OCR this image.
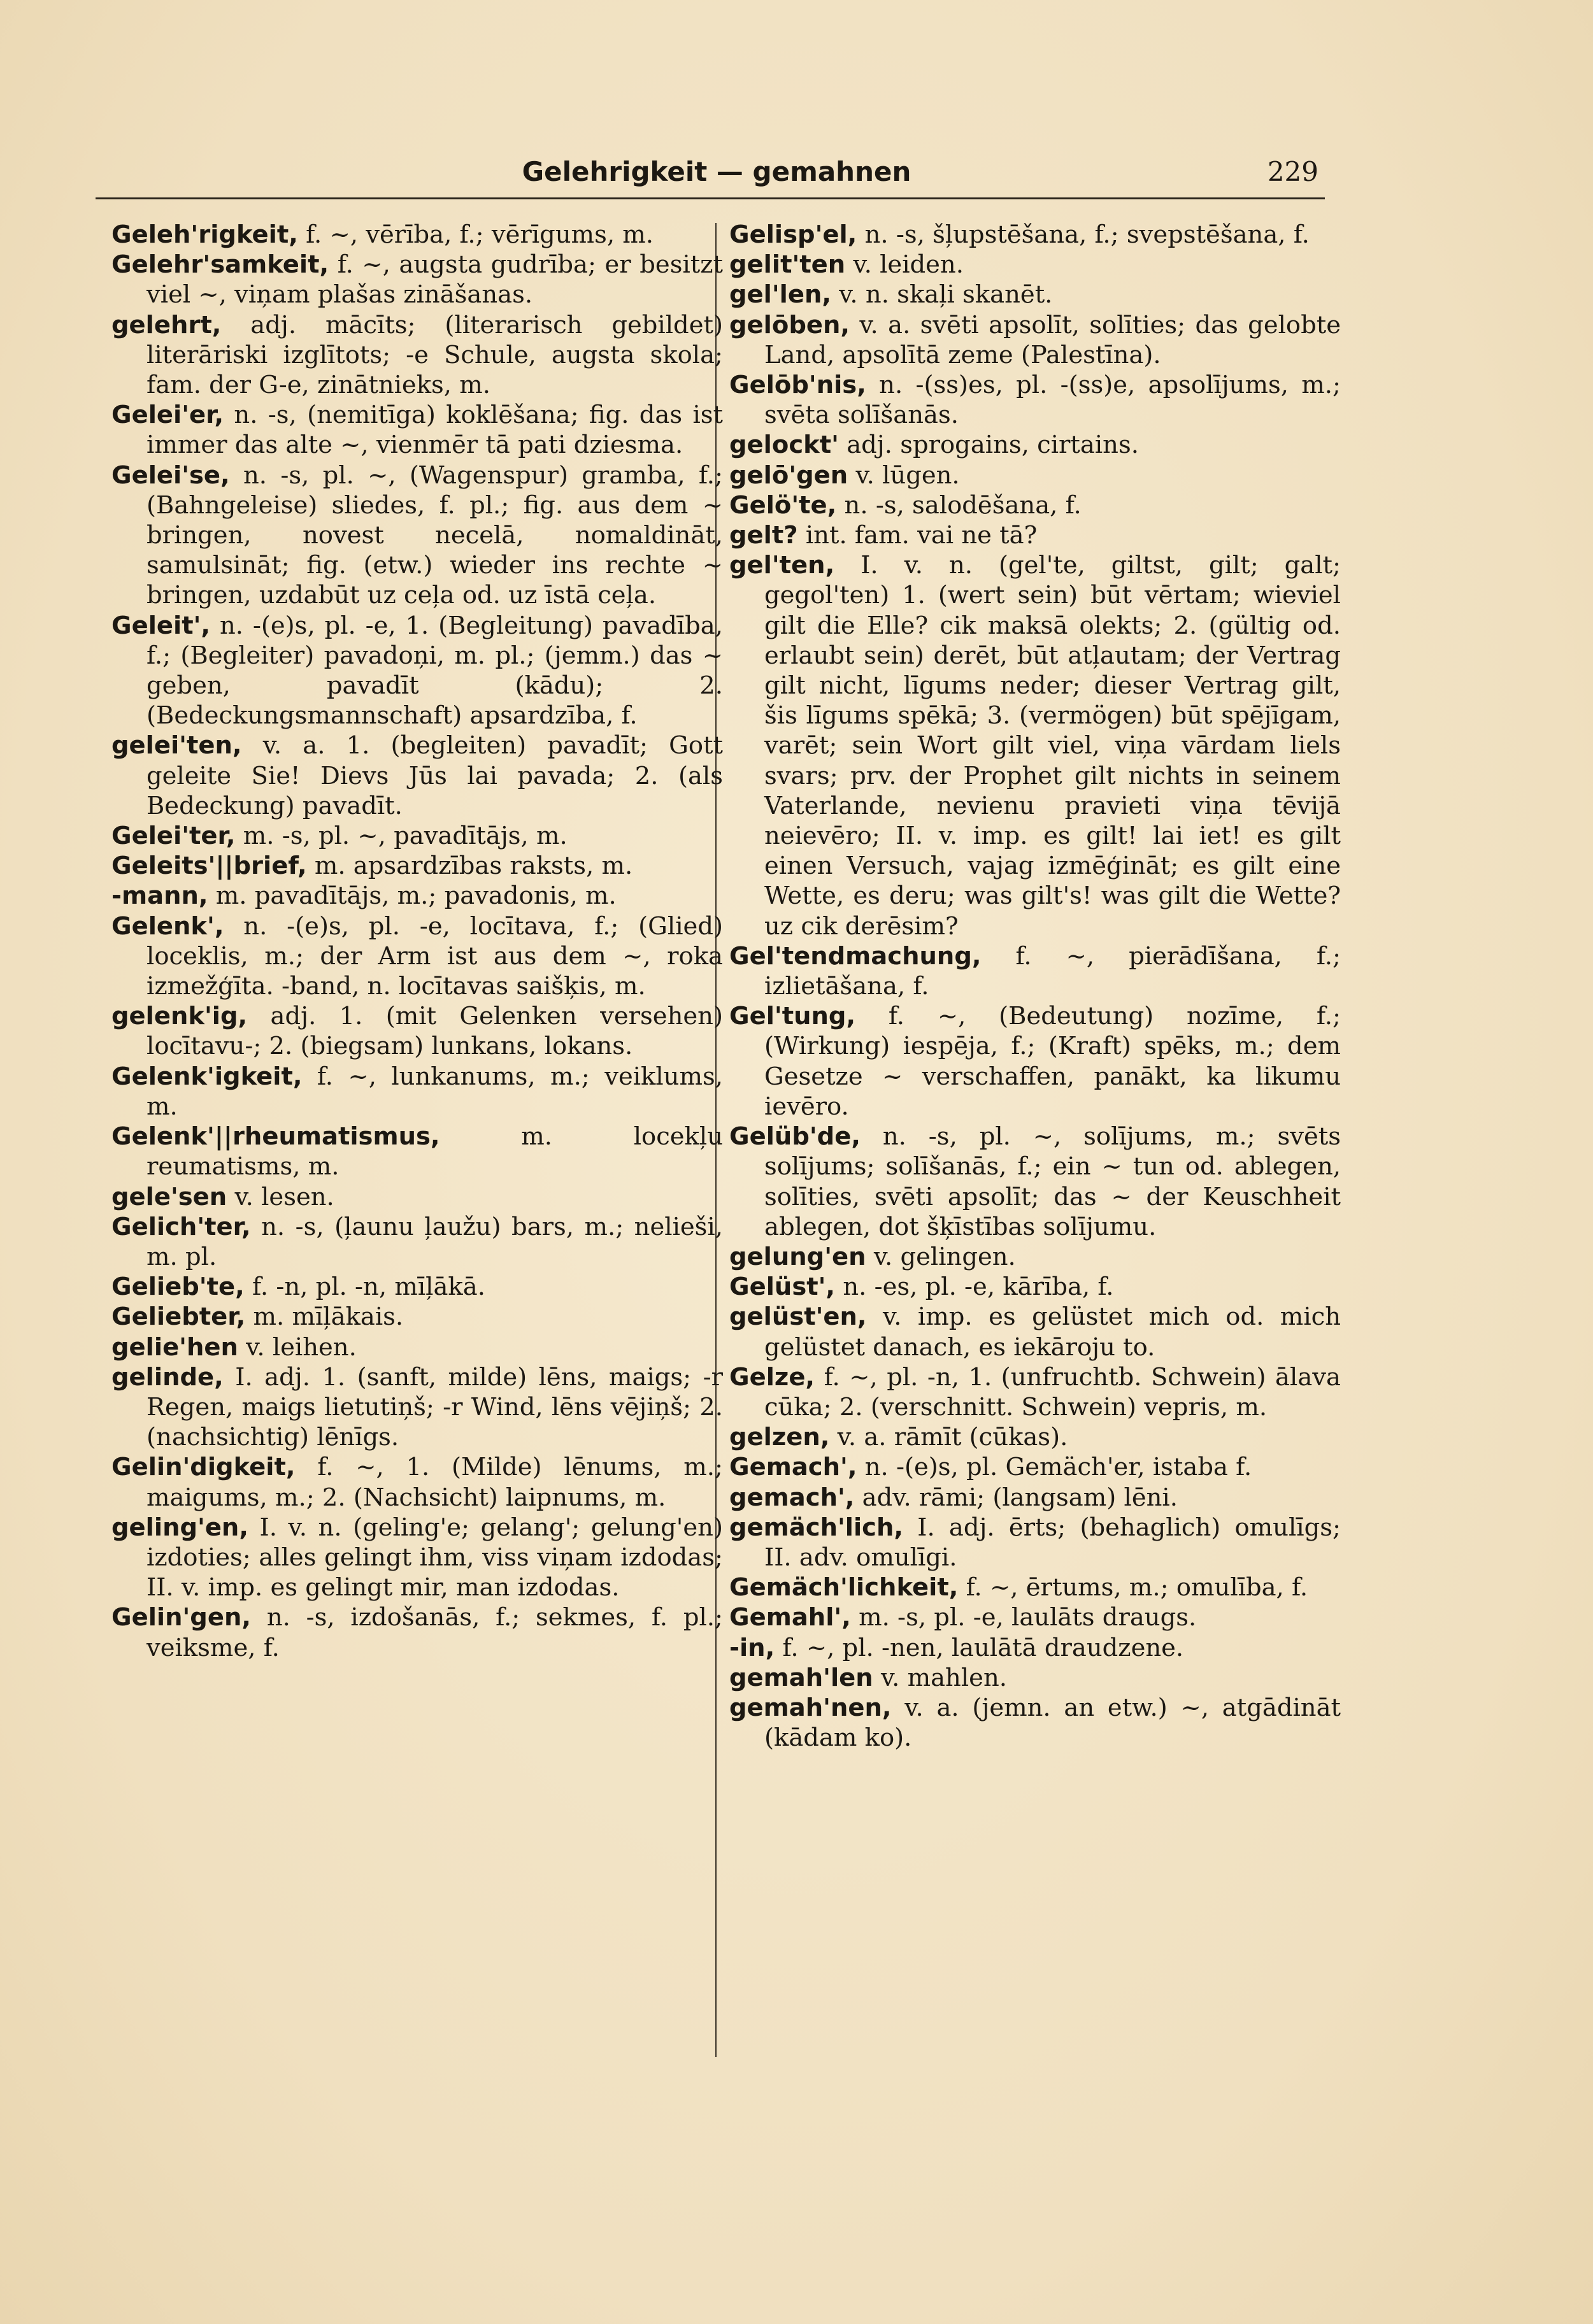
Gelehrigkeit — gemahnen	229

Geleh'rigkeit, f. ~, vērība, f.; vērīgums, m.

Gelehr'samkeit, f. ~, augsta gudrība; er besitzt viel ~, viņam plašas zināšanas.

gelehrt, adj. mācīts; (literarisch gebildet) literāriski izglītots; -e Schule, augsta skola; fam. der G-e, zinātnieks, m.

Gelei'er, n. -s, (nemitīga) koklēšana; fig. das ist immer das alte ~, vienmēr tā pati dziesma.

Gelei'se, n. -s, pl. ~, (Wagenspur) gramba, f.; (Bahngeleise) sliedes, f. pl.; fig. aus dem ~ bringen, novest necelā, nomaldināt, samulsināt; fig. (etw.) wieder ins rechte ~ bringen, uzdabūt uz ceļa od. uz īstā ceļa.

Geleit', n. -(e)s, pl. -e, 1. (Begleitung) pavadība, f.; (Begleiter) pavadoņi, m. pl.; (jemm.) das ~ geben, pavadīt (kādu); 2. (Bedeckungsmannschaft) apsardzība, f.

gelei'ten, v. a. 1. (begleiten) pavadīt; Gott geleite Sie! Dievs Jūs lai pavada; 2. (als Bedeckung) pavadīt.

Gelei'ter, m. -s, pl. ~, pavadītājs, m.

Geleits'||brief, m. apsardzības raksts, m.

-mann, m. pavadītājs, m.; pavadonis, m.

Gelenk', n. -(e)s, pl. -e, locītava, f.; (Glied) loceklis, m.; der Arm ist aus dem ~, roka izmežģīta. -band, n. locītavas saišķis, m.

gelenk'ig, adj. 1. (mit Gelenken versehen) locītavu-; 2. (biegsam) lunkans, lokans.

Gelenk'igkeit, f. ~, lunkanums, m.; veiklums, m.

Gelenk'||rheumatismus,	m. locekļu reumatisms, m.

gele'sen v. lesen.

Gelich'ter, n. -s, (ļaunu ļaužu) bars, m.; nelieši, m. pl.

Gelieb'te, f. -n, pl. -n, mīļākā.

Geliebter, m. mīļākais.

gelie'hen v. leihen.

gelinde, I. adj. 1. (sanft, milde) lēns, maigs; -r Regen, maigs lietutiņš; -r Wind, lēns vējiņš; 2. (nachsichtig) lēnīgs.

Gelin'digkeit, f. ~, 1. (Milde) lēnums, m.; maigums, m.; 2. (Nachsicht) laipnums, m.

geling'en, I. v. n. (geling'e; gelang'; gelung'en) izdoties; alles gelingt ihm, viss viņam izdodas; II. v. imp. es gelingt mir, man izdodas.

Gelin'gen, n. -s, izdošanās, f.; sekmes, f. pl.; veiksme, f.

Gelisp'el, n. -s, šļupstēšana, f.; svepstēšana, f.

gelit'ten v. leiden.

gel'len, v. n. skaļi skanēt.

gelōben, v. a. svēti apsolīt, solīties; das gelobte Land, apsolītā zeme (Palestīna).

Gelōb'nis, n. -(ss)es, pl. -(ss)e, apsolījums, m.; svēta solīšanās.

gelockt' adj. sprogains, cirtains.

gelō'gen v. lūgen.

Gelö'te, n. -s, salodēšana, f.

gelt? int. fam. vai ne tā?

gel'ten, I. v. n. (gel'te, giltst, gilt; galt; gegol'ten) 1. (wert sein) būt vērtam; wieviel gilt die Elle? cik maksā olekts; 2. (gültig od. erlaubt sein) derēt, būt atļautam; der Vertrag gilt nicht, līgums neder; dieser Vertrag gilt, šis līgums spēkā; 3. (vermögen) būt spējīgam, varēt; sein Wort gilt viel, viņa vārdam liels svars; prv. der Prophet gilt nichts in seinem Vaterlande, nevienu pravieti viņa tēvijā neievēro; II. v. imp. es gilt! lai iet! es gilt einen Versuch, vajag izmēģināt; es gilt eine Wette, es deru; was gilt's! was gilt die Wette? uz cik derēsim?

Gel'tendmachung, f. ~, pierādīšana, f.; izlietāšana, f.

Gel'tung, f. ~, (Bedeutung) nozīme, f.; (Wirkung) iespēja, f.; (Kraft) spēks, m.; dem Gesetze ~ verschaffen, panākt, ka likumu ievēro.

Gelüb'de, n. -s, pl. ~, solījums, m.; svēts solījums; solīšanās, f.; ein ~ tun od. ablegen, solīties, svēti apsolīt; das ~ der Keuschheit ablegen, dot šķīstības solījumu.

gelung'en v. gelingen.

Gelüst', n. -es, pl. -e, kārība, f.

gelüst'en, v. imp. es gelüstet mich od. mich gelüstet danach, es iekāroju to.

Gelze, f. ~, pl. -n, 1. (unfruchtb. Schwein) ālava cūka; 2. (verschnitt. Schwein) vepris, m.

gelzen, v. a. rāmīt (cūkas).

Gemach', n. -(e)s, pl. Gemäch'er, istaba f.

gemach', adv. rāmi; (langsam) lēni.

gemäch'lich, I. adj. ērts; (behaglich) omulīgs; II. adv. omulīgi.

Gemäch'lichkeit, f. ~, ērtums, m.; omulība, f.

Gemahl', m. -s, pl. -e, laulāts draugs.

-in, f. ~, pl. -nen, laulātā draudzene.

gemah'len v. mahlen.

gemah'nen, v. a. (jemn. an etw.) ~, atgādināt (kādam ko).
